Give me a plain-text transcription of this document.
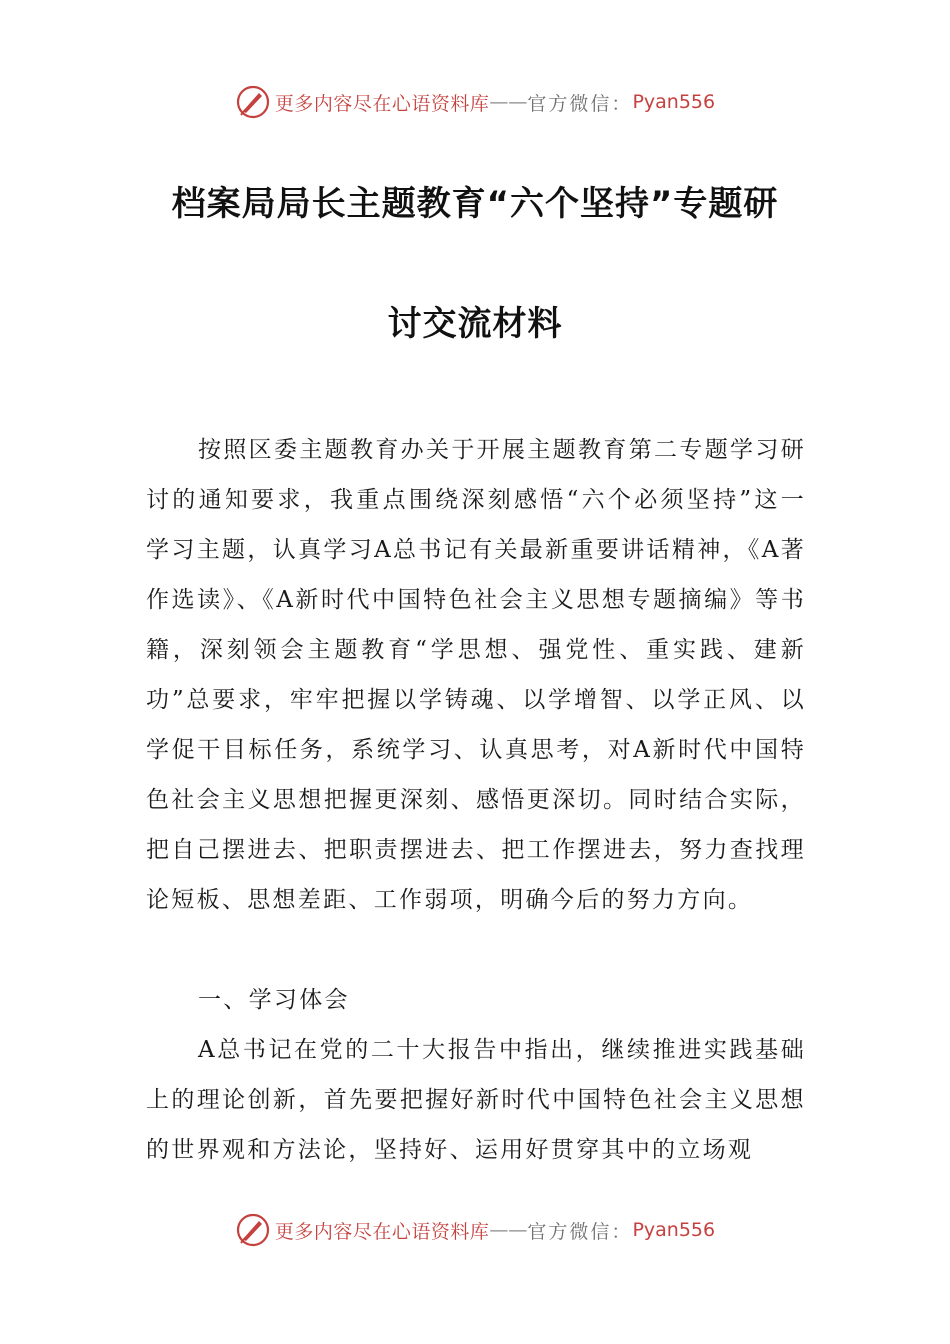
更多内容尽在心语资料库 —— 官方微信： Pyan556
档案局局长主题教育“六个坚持”专题研
讨交流材料
按照区委主题教育办关于开展主题教育第二专题学习研讨的通知要求，我重点围绕深刻感悟“六个必须坚持”这一学习主题，认真学习A总书记有关最新重要讲话精神，《A著作选读》、《A新时代中国特色社会主义思想专题摘编》等书籍，深刻领会主题教育“学思想、强党性、重实践、建新功”总要求，牢牢把握以学铸魂、以学增智、以学正风、以学促干目标任务，系统学习、认真思考，对A新时代中国特色社会主义思想把握更深刻、感悟更深切。同时结合实际，把自己摆进去、把职责摆进去、把工作摆进去，努力查找理论短板、思想差距、工作弱项，明确今后的努力方向。
一、学习体会
A总书记在党的二十大报告中指出，继续推进实践基础上的理论创新，首先要把握好新时代中国特色社会主义思想的世界观和方法论，坚持好、运用好贯穿其中的立场观
更多内容尽在心语资料库 —— 官方微信： Pyan556
